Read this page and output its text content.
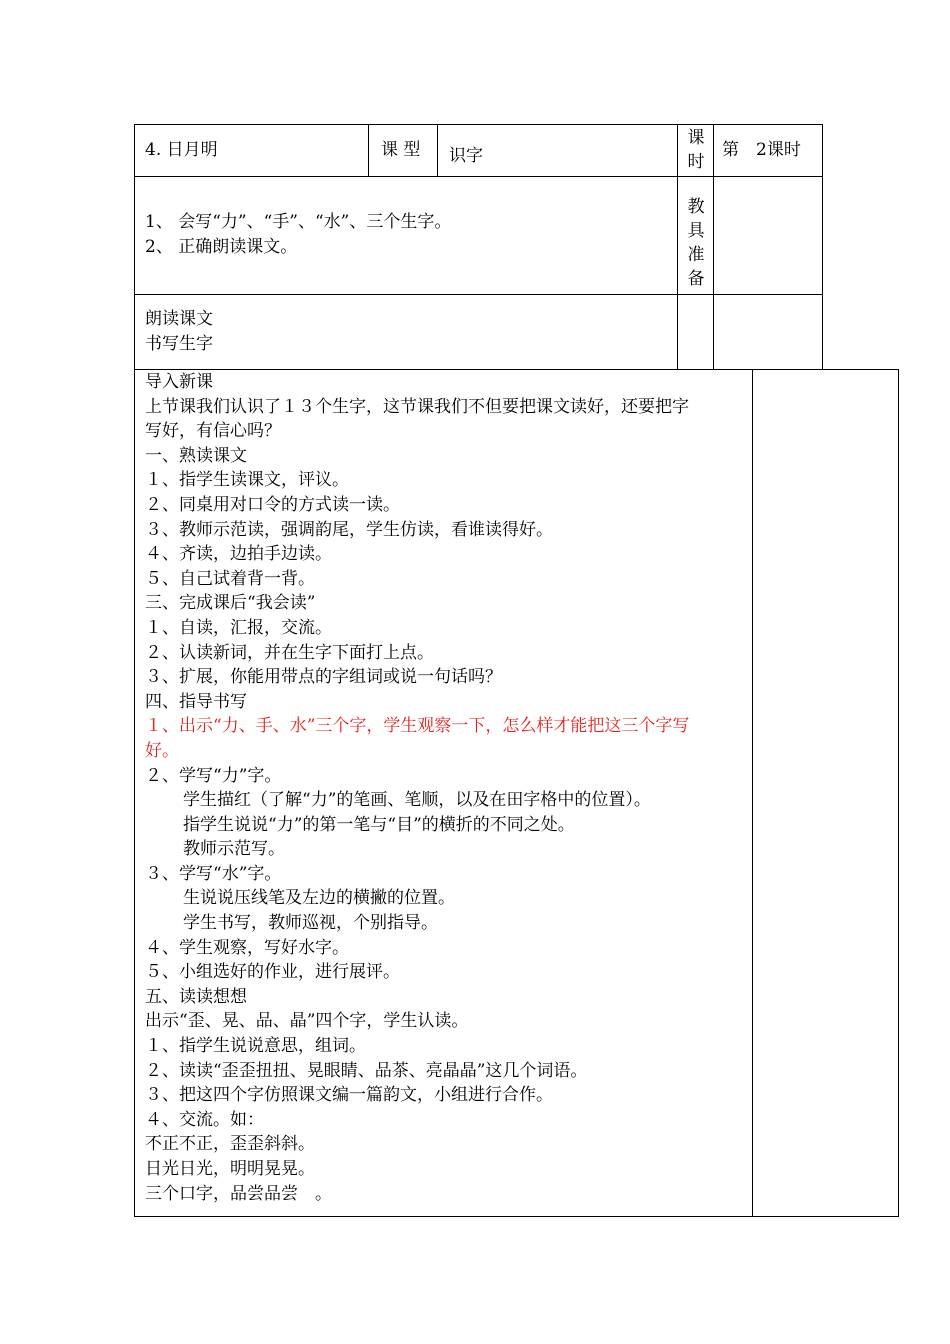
4. 日月明	课 型 识字
课时
第　2课时
1、 会写“力”、“手”、“水”、三个生字。
2、 正确朗读课文。
教具准备
朗读课文
书写生字
导入新课
上节课我们认识了１３个生字，这节课我们不但要把课文读好，还要把字
写好，有信心吗？
一、熟读课文
１、指学生读课文，评议。
２、同桌用对口令的方式读一读。
３、教师示范读，强调韵尾，学生仿读，看谁读得好。
４、齐读，边拍手边读。
５、自己试着背一背。
三、完成课后“我会读”
１、自读，汇报，交流。
２、认读新词，并在生字下面打上点。
３、扩展，你能用带点的字组词或说一句话吗？
四、指导书写
１、出示“力、手、水”三个字，学生观察一下，怎么样才能把这三个字写
好。
２、学写“力”字。
学生描红（了解“力”的笔画、笔顺，以及在田字格中的位置）。
指学生说说“力”的第一笔与“目”的横折的不同之处。
教师示范写。
３、学写“水”字。
生说说压线笔及左边的横撇的位置。
学生书写，教师巡视，个别指导。
４、学生观察，写好水字。
５、小组选好的作业，进行展评。
五、读读想想
出示“歪、晃、品、晶”四个字，学生认读。
１、指学生说说意思，组词。
２、读读“歪歪扭扭、晃眼睛、品茶、亮晶晶”这几个词语。
３、把这四个字仿照课文编一篇韵文，小组进行合作。
４、交流。如：
不正不正，歪歪斜斜。
日光日光，明明晃晃。
三个口字，品尝品尝　。
